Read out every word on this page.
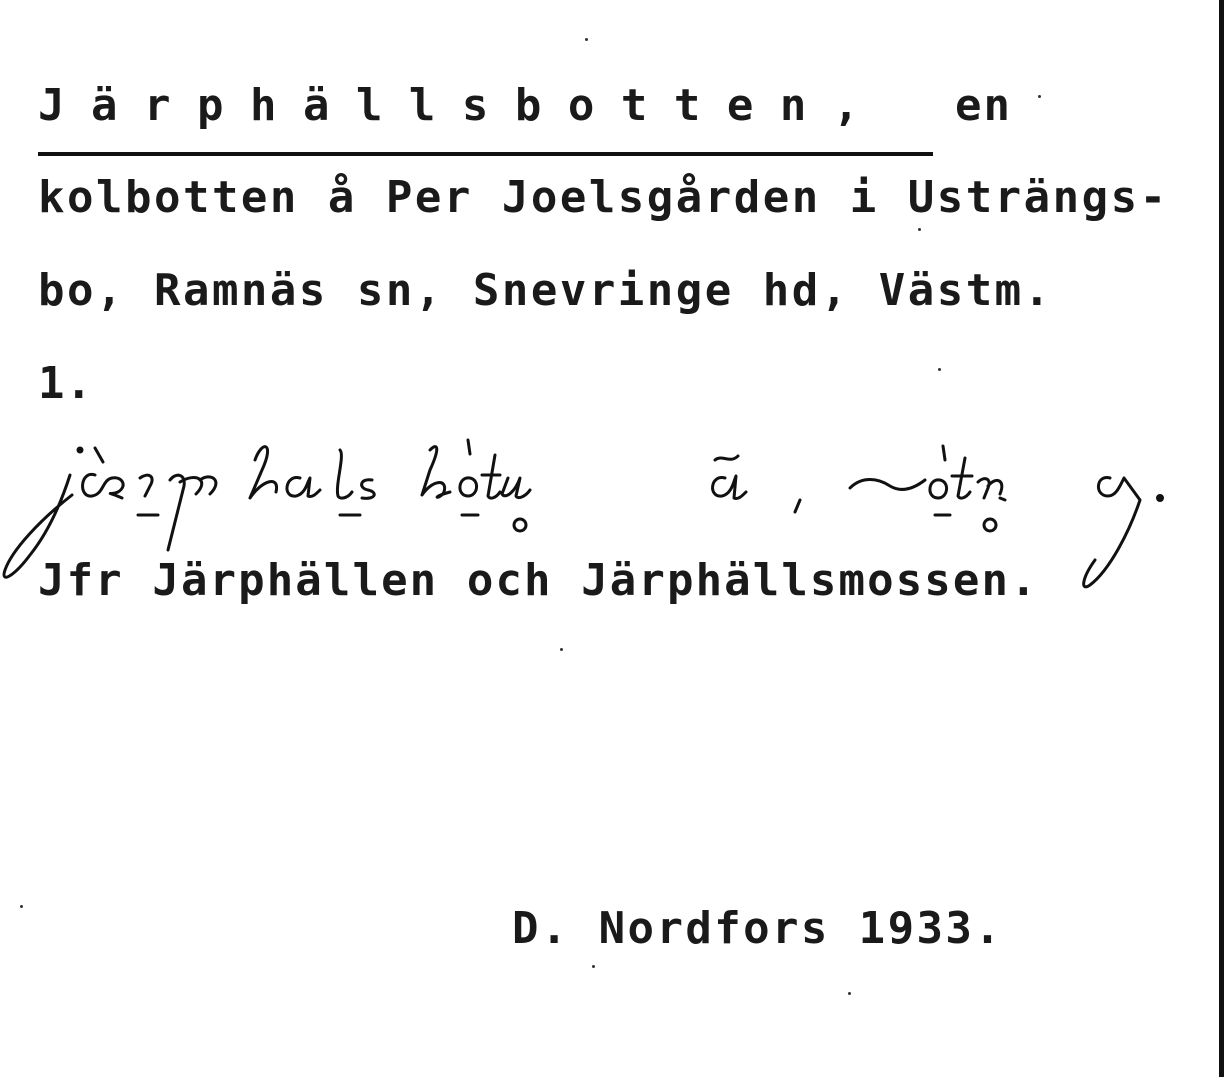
Järphällsbotten, en
kolbotten å Per Joelsgården i Usträngs-
bo, Ramnäs sn, Snevringe hd, Västm.
1.
Jfr Järphällen och Järphällsmossen.
D. Nordfors 1933.
